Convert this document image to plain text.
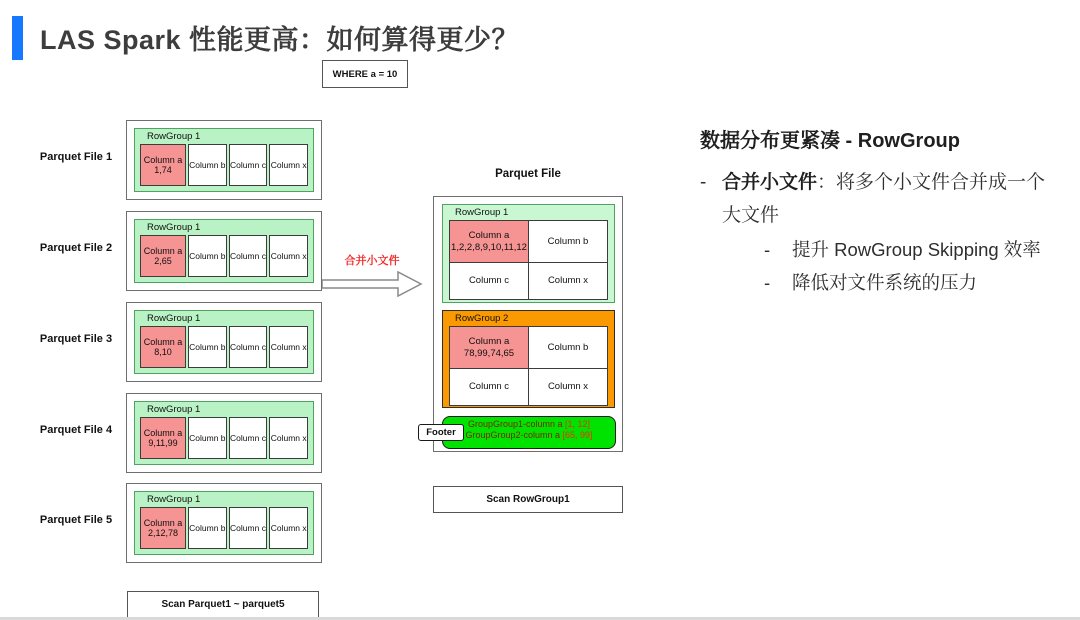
LAS Spark 性能更高：如何算得更少？
WHERE a = 10
Parquet File 1
RowGroup 1
Column a
1,74
Column b Column c Column x
Parquet File 2
RowGroup 1
Column a
2,65
Column b Column c Column x
Parquet File 3
RowGroup 1
Column a
8,10
Column b Column c Column x
Parquet File 4
RowGroup 1
Column a
9,11,99
Column b Column c Column x
Parquet File 5
RowGroup 1
Column a
2,12,78
Column b Column c Column x
Scan Parquet1 ~ parquet5
合并小文件
Parquet File
RowGroup 1
Column a
1,2,2,8,9,10,11,12
Column b
Column c	Column x
RowGroup 2
Column a
78,99,74,65
Column b
Column c	Column x
GroupGroup1-column a [1, 12]
GroupGroup2-column a [65, 99]
.....
Footer
Scan RowGroup1
数据分布更紧凑 - RowGroup
- 合并小文件：将多个小文件合并成一个
大文件
-	提升 RowGroup Skipping 效率
-	降低对文件系统的压力
